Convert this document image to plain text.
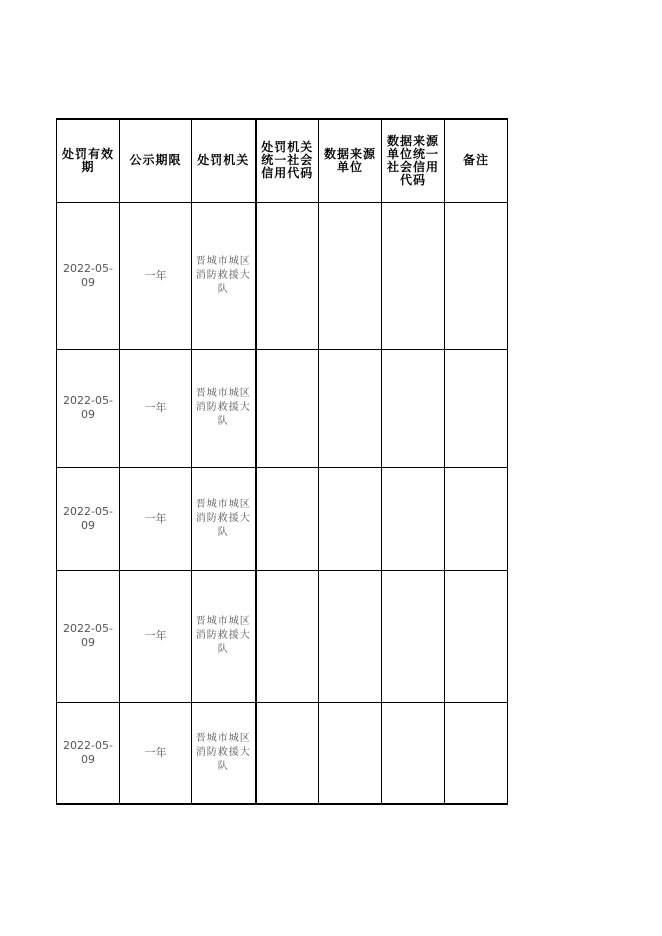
处罚有效期	公示期限	处罚机关	处罚机关统一社会信用代码	数据来源单位	数据来源单位统一社会信用代码	备注
2022-05-09	一年	晋城市城区消防救援大队				
2022-05-09	一年	晋城市城区消防救援大队				
2022-05-09	一年	晋城市城区消防救援大队				
2022-05-09	一年	晋城市城区消防救援大队				
2022-05-09	一年	晋城市城区消防救援大队				
